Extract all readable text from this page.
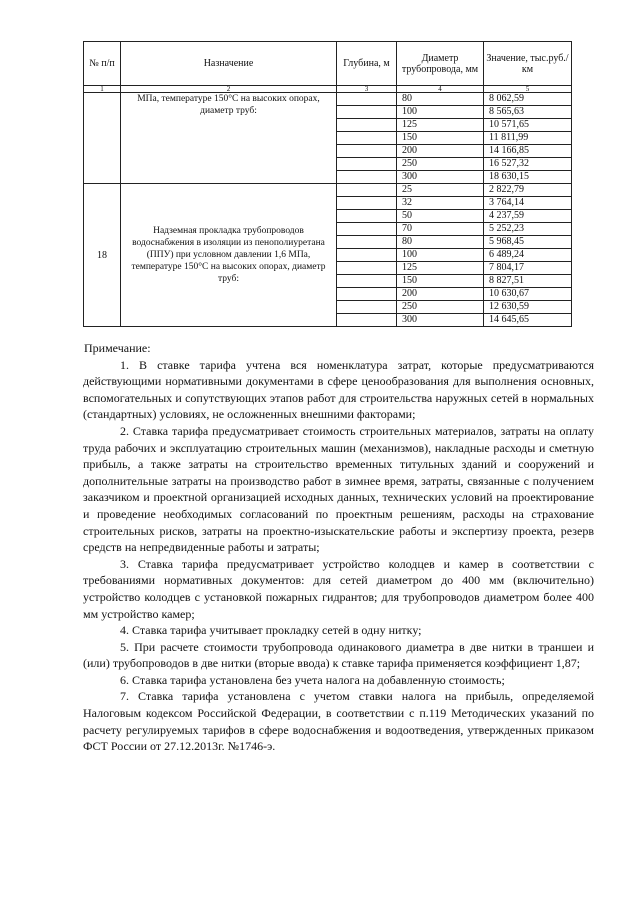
№ п/п	Назначение	Глубина, м	Диаметр трубопровода, мм	Значение, тыс.руб./км
1	2	3	4	5
	МПа, температуре 150°С на высоких опорах, диаметр труб:		80	8 062,59
			100	8 565,63
			125	10 571,65
			150	11 811,99
			200	14 166,85
			250	16 527,32
			300	18 630,15
18	Надземная прокладка трубопроводов водоснабжения в изоляции из пенополиуретана (ППУ) при условном давлении 1,6 МПа, температуре 150°С на высоких опорах, диаметр труб:		25	2 822,79
			32	3 764,14
			50	4 237,59
			70	5 252,23
			80	5 968,45
			100	6 489,24
			125	7 804,17
			150	8 827,51
			200	10 630,67
			250	12 630,59
			300	14 645,65
Примечание:

1. В ставке тарифа учтена вся номенклатура затрат, которые предусматриваются действующими нормативными документами в сфере ценообразования для выполнения основных, вспомогательных и сопутствующих этапов работ для строительства наружных сетей в нормальных (стандартных) условиях, не осложненных внешними факторами;

2. Ставка тарифа предусматривает стоимость строительных материалов, затраты на оплату труда рабочих и эксплуатацию строительных машин (механизмов), накладные расходы и сметную прибыль, а также затраты на строительство временных титульных зданий и сооружений и дополнительные затраты на производство работ в зимнее время, затраты, связанные с получением заказчиком и проектной организацией исходных данных, технических условий на проектирование и проведение необходимых согласований по проектным решениям, расходы на страхование строительных рисков, затраты на проектно-изыскательские работы и экспертизу проекта, резерв средств на непредвиденные работы и затраты;

3. Ставка тарифа предусматривает устройство колодцев и камер в соответствии с требованиями нормативных документов: для сетей диаметром до 400 мм (включительно) устройство колодцев с установкой пожарных гидрантов; для трубопроводов диаметром более 400 мм устройство камер;

4. Ставка тарифа учитывает прокладку сетей в одну нитку;

5. При расчете стоимости трубопровода одинакового диаметра в две нитки в траншеи и (или) трубопроводов в две нитки (вторые ввода) к ставке тарифа применяется коэффициент 1,87;

6. Ставка тарифа установлена без учета налога на добавленную стоимость;

7. Ставка тарифа установлена с учетом ставки налога на прибыль, определяемой Налоговым кодексом Российской Федерации, в соответствии с п.119 Методических указаний по расчету регулируемых тарифов в сфере водоснабжения и водоотведения, утвержденных приказом ФСТ России от 27.12.2013г. №1746-э.
